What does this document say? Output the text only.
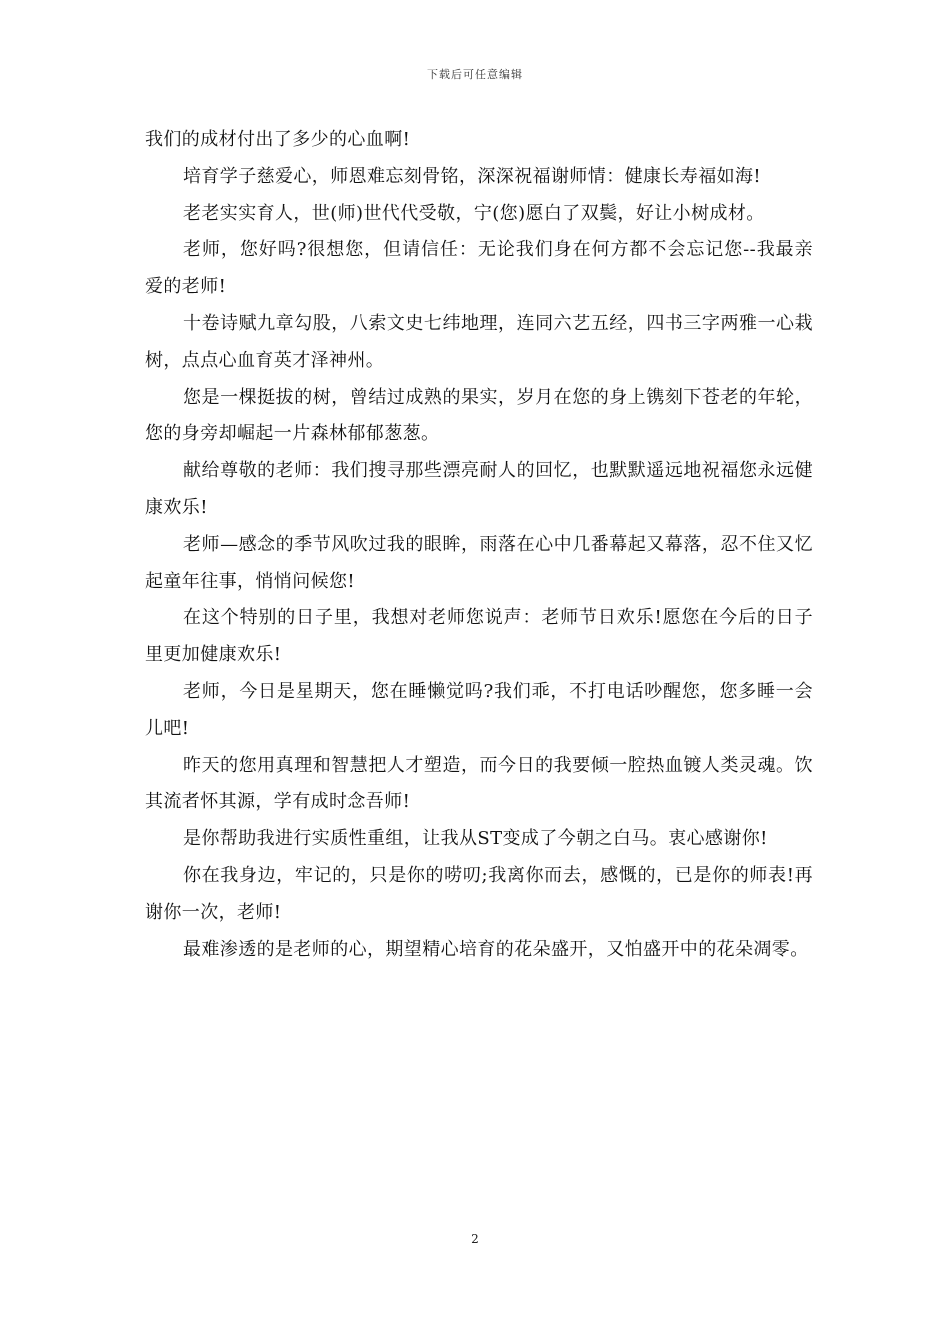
下载后可任意编辑

我们的成材付出了多少的心血啊!

培育学子慈爱心，师恩难忘刻骨铭，深深祝福谢师情：健康长寿福如海!

老老实实育人，世(师)世代代受敬，宁(您)愿白了双鬓，好让小树成材。

老师，您好吗?很想您，但请信任：无论我们身在何方都不会忘记您--我最亲爱的老师!

十卷诗赋九章勾股，八索文史七纬地理，连同六艺五经，四书三字两雅一心栽树，点点心血育英才泽神州。

您是一棵挺拔的树，曾结过成熟的果实，岁月在您的身上镌刻下苍老的年轮，您的身旁却崛起一片森林郁郁葱葱。

献给尊敬的老师：我们搜寻那些漂亮耐人的回忆，也默默遥远地祝福您永远健康欢乐!

老师—感念的季节风吹过我的眼眸，雨落在心中几番幕起又幕落，忍不住又忆起童年往事，悄悄问候您!

在这个特别的日子里，我想对老师您说声：老师节日欢乐!愿您在今后的日子里更加健康欢乐!

老师，今日是星期天，您在睡懒觉吗?我们乖，不打电话吵醒您，您多睡一会儿吧!

昨天的您用真理和智慧把人才塑造，而今日的我要倾一腔热血镀人类灵魂。饮其流者怀其源，学有成时念吾师!

是你帮助我进行实质性重组，让我从ST变成了今朝之白马。衷心感谢你!

你在我身边，牢记的，只是你的唠叨;我离你而去，感慨的，已是你的师表!再谢你一次，老师!

最难渗透的是老师的心，期望精心培育的花朵盛开，又怕盛开中的花朵凋零。

2
